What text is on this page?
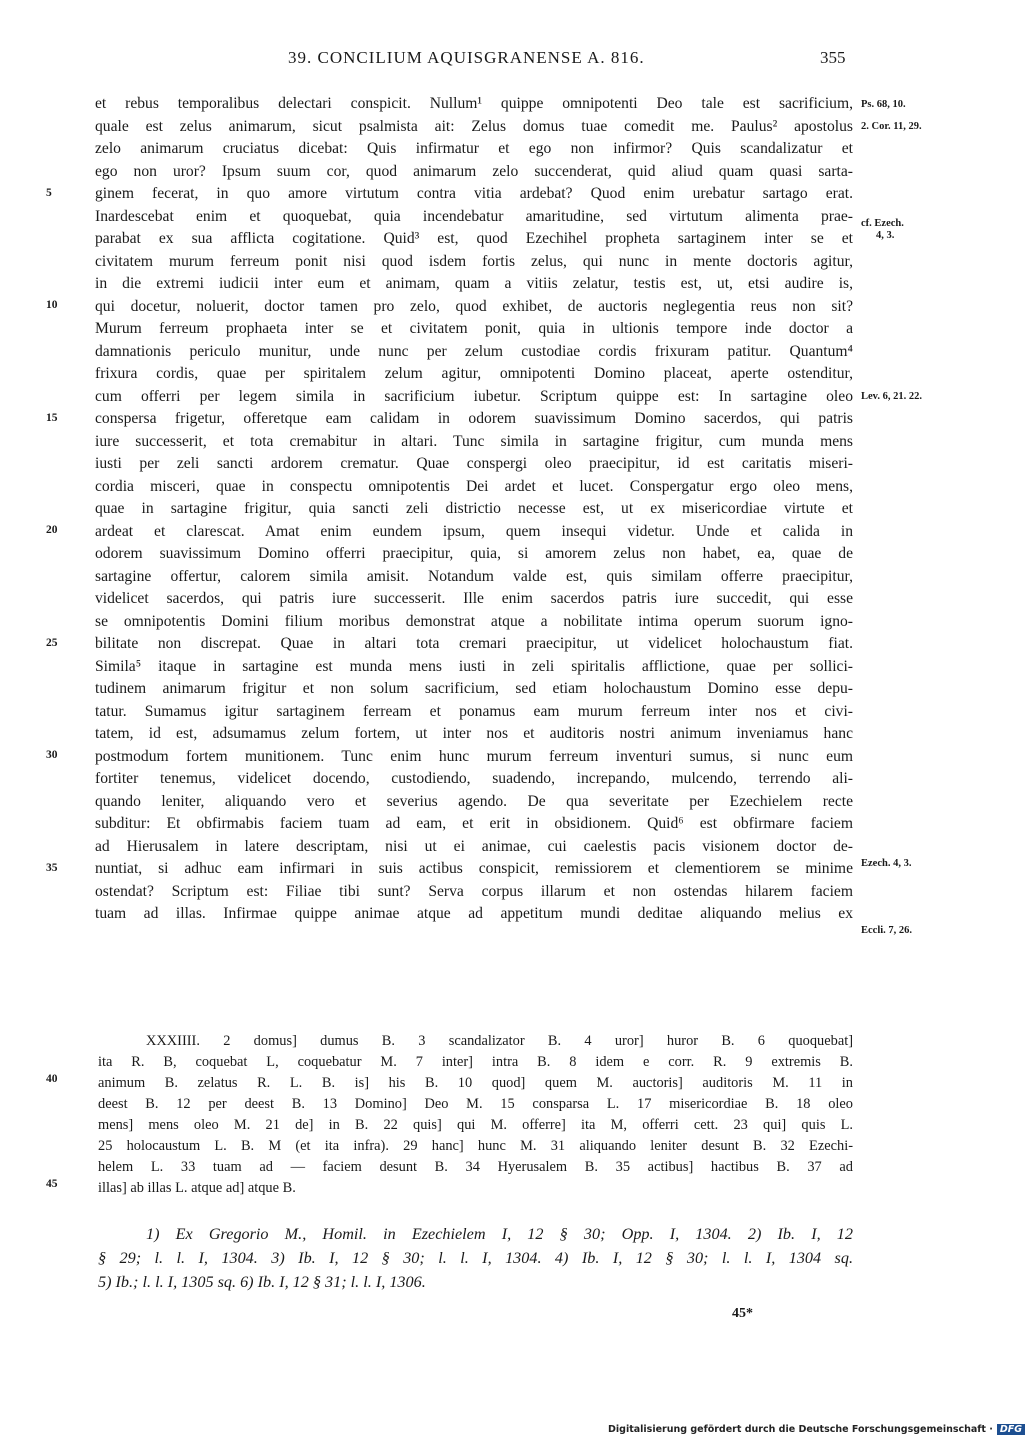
39. CONCILIUM AQUISGRANENSE A. 816.	355
et rebus temporalibus delectari conspicit. Nullum¹ quippe omnipotenti Deo tale est sacrificium,
quale est zelus animarum, sicut psalmista ait: Zelus domus tuae comedit me. Paulus² apostolus
zelo animarum cruciatus dicebat: Quis infirmatur et ego non infirmor? Quis scandalizatur et
ego non uror? Ipsum suum cor, quod animarum zelo succenderat, quid aliud quam quasi sarta-
ginem fecerat, in quo amore virtutum contra vitia ardebat? Quod enim urebatur sartago erat.
Inardescebat enim et quoquebat, quia incendebatur amaritudine, sed virtutum alimenta prae-
parabat ex sua afflicta cogitatione. Quid³ est, quod Ezechihel propheta sartaginem inter se et
civitatem murum ferreum ponit nisi quod isdem fortis zelus, qui nunc in mente doctoris agitur,
in die extremi iudicii inter eum et animam, quam a vitiis zelatur, testis est, ut, etsi audire is,
qui docetur, noluerit, doctor tamen pro zelo, quod exhibet, de auctoris neglegentia reus non sit?
Murum ferreum prophaeta inter se et civitatem ponit, quia in ultionis tempore inde doctor a
damnationis periculo munitur, unde nunc per zelum custodiae cordis frixuram patitur. Quantum⁴
frixura cordis, quae per spiritalem zelum agitur, omnipotenti Domino placeat, aperte ostenditur,
cum offerri per legem simila in sacrificium iubetur. Scriptum quippe est: In sartagine oleo
conspersa frigetur, offeretque eam calidam in odorem suavissimum Domino sacerdos, qui patris
iure successerit, et tota cremabitur in altari. Tunc simila in sartagine frigitur, cum munda mens
iusti per zeli sancti ardorem crematur. Quae conspergi oleo praecipitur, id est caritatis miseri-
cordia misceri, quae in conspectu omnipotentis Dei ardet et lucet. Conspergatur ergo oleo mens,
quae in sartagine frigitur, quia sancti zeli districtio necesse est, ut ex misericordiae virtute et
ardeat et clarescat. Amat enim eundem ipsum, quem insequi videtur. Unde et calida in
odorem suavissimum Domino offerri praecipitur, quia, si amorem zelus non habet, ea, quae de
sartagine offertur, calorem simila amisit. Notandum valde est, quis similam offerre praecipitur,
videlicet sacerdos, qui patris iure successerit. Ille enim sacerdos patris iure succedit, qui esse
se omnipotentis Domini filium moribus demonstrat atque a nobilitate intima operum suorum igno-
bilitate non discrepat. Quae in altari tota cremari praecipitur, ut videlicet holochaustum fiat.
Simila⁵ itaque in sartagine est munda mens iusti in zeli spiritalis afflictione, quae per sollici-
tudinem animarum frigitur et non solum sacrificium, sed etiam holochaustum Domino esse depu-
tatur. Sumamus igitur sartaginem ferream et ponamus eam murum ferreum inter nos et civi-
tatem, id est, adsumamus zelum fortem, ut inter nos et auditoris nostri animum inveniamus hanc
postmodum fortem munitionem. Tunc enim hunc murum ferreum inventuri sumus, si nunc eum
fortiter tenemus, videlicet docendo, custodiendo, suadendo, increpando, mulcendo, terrendo ali-
quando leniter, aliquando vero et severius agendo. De qua severitate per Ezechielem recte
subditur: Et obfirmabis faciem tuam ad eam, et erit in obsidionem. Quid⁶ est obfirmare faciem
ad Hierusalem in latere descriptam, nisi ut ei animae, cui caelestis pacis visionem doctor de-
nuntiat, si adhuc eam infirmari in suis actibus conspicit, remissiorem et clementiorem se minime
ostendat? Scriptum est: Filiae tibi sunt? Serva corpus illarum et non ostendas hilarem faciem
tuam ad illas. Infirmae quippe animae atque ad appetitum mundi deditae aliquando melius ex
5
10
15
20
25
30
35
Ps. 68, 10.
2. Cor. 11, 29.
cf. Ezech.
4, 3.
Lev. 6, 21. 22.
Ezech. 4, 3.
Eccli. 7, 26.
XXXIIII. 2 domus] dumus B. 3 scandalizator B. 4 uror] huror B. 6 quoquebat]
ita R. B, coquebat L, coquebatur M. 7 inter] intra B. 8 idem e corr. R. 9 extremis B.
animum B. zelatus R. L. B. is] his B. 10 quod] quem M. auctoris] auditoris M. 11 in
deest B. 12 per deest B. 13 Domino] Deo M. 15 consparsa L. 17 misericordiae B. 18 oleo
mens] mens oleo M. 21 de] in B. 22 quis] qui M. offerre] ita M, offerri cett. 23 qui] quis L.
25 holocaustum L. B. M (et ita infra). 29 hanc] hunc M. 31 aliquando leniter desunt B. 32 Ezechi-
helem L. 33 tuam ad — faciem desunt B. 34 Hyerusalem B. 35 actibus] hactibus B. 37 ad
illas] ab illas L. atque ad] atque B.
40
45
1) Ex Gregorio M., Homil. in Ezechielem I, 12 § 30; Opp. I, 1304. 2) Ib. I, 12
§ 29; l. l. I, 1304. 3) Ib. I, 12 § 30; l. l. I, 1304. 4) Ib. I, 12 § 30; l. l. I, 1304 sq.
5) Ib.; l. l. I, 1305 sq. 6) Ib. I, 12 § 31; l. l. I, 1306.
45*
Digitalisierung gefördert durch die Deutsche Forschungsgemeinschaft · DFG
